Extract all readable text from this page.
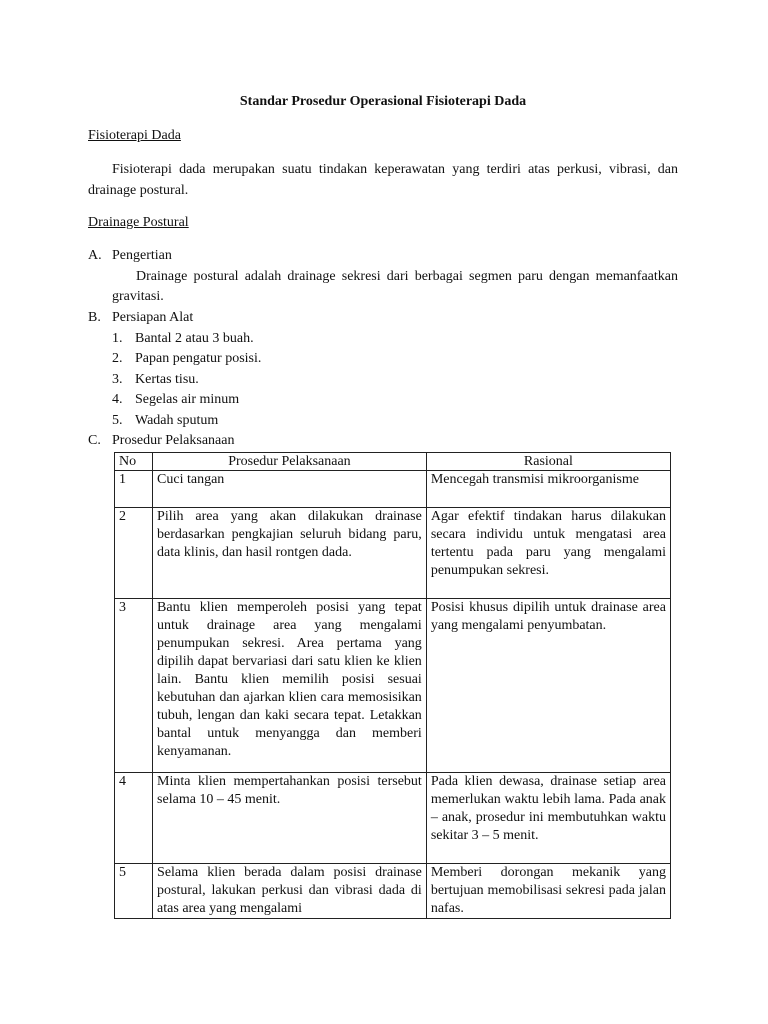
Standar Prosedur Operasional Fisioterapi Dada
Fisioterapi Dada
Fisioterapi dada merupakan suatu tindakan keperawatan yang terdiri atas perkusi, vibrasi, dan drainage postural.
Drainage Postural
A. Pengertian
Drainage postural adalah drainage sekresi dari berbagai segmen paru dengan memanfaatkan gravitasi.
B. Persiapan Alat
1. Bantal 2 atau 3 buah.
2. Papan pengatur posisi.
3. Kertas tisu.
4. Segelas air minum
5. Wadah sputum
C. Prosedur Pelaksanaan
No	Prosedur Pelaksanaan	Rasional
1	Cuci tangan	Mencegah transmisi mikroorganisme
2	Pilih area yang akan dilakukan drainase berdasarkan pengkajian seluruh bidang paru, data klinis, dan hasil rontgen dada.	Agar efektif tindakan harus dilakukan secara individu untuk mengatasi area tertentu pada paru yang mengalami penumpukan sekresi.
3	Bantu klien memperoleh posisi yang tepat untuk drainage area yang mengalami penumpukan sekresi. Area pertama yang dipilih dapat bervariasi dari satu klien ke klien lain. Bantu klien memilih posisi sesuai kebutuhan dan ajarkan klien cara memosisikan tubuh, lengan dan kaki secara tepat. Letakkan bantal untuk menyangga dan memberi kenyamanan.	Posisi khusus dipilih untuk drainase area yang mengalami penyumbatan.
4	Minta klien mempertahankan posisi tersebut selama 10 – 45 menit.	Pada klien dewasa, drainase setiap area memerlukan waktu lebih lama. Pada anak – anak, prosedur ini membutuhkan waktu sekitar 3 – 5 menit.
5	Selama klien berada dalam posisi drainase postural, lakukan perkusi dan vibrasi dada di atas area yang mengalami	Memberi dorongan mekanik yang bertujuan memobilisasi sekresi pada jalan nafas.
